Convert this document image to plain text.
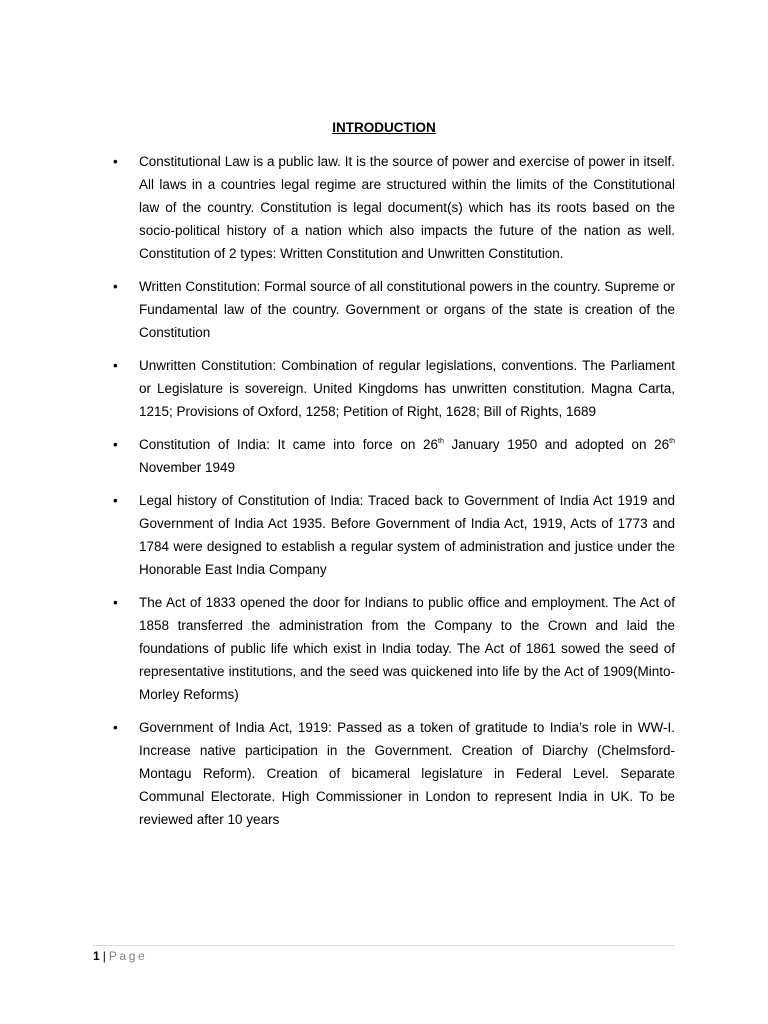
INTRODUCTION
•	Constitutional Law is a public law. It is the source of power and exercise of power in itself. All laws in a countries legal regime are structured within the limits of the Constitutional law of the country. Constitution is legal document(s) which has its roots based on the socio-political history of a nation which also impacts the future of the nation as well. Constitution of 2 types: Written Constitution and Unwritten Constitution.
•	Written Constitution: Formal source of all constitutional powers in the country. Supreme or Fundamental law of the country. Government or organs of the state is creation of the Constitution
•	Unwritten Constitution: Combination of regular legislations, conventions. The Parliament or Legislature is sovereign. United Kingdoms has unwritten constitution. Magna Carta, 1215; Provisions of Oxford, 1258; Petition of Right, 1628; Bill of Rights, 1689
•	Constitution of India: It came into force on 26th January 1950 and adopted on 26th November 1949
•	Legal history of Constitution of India: Traced back to Government of India Act 1919 and Government of India Act 1935. Before Government of India Act, 1919, Acts of 1773 and 1784 were designed to establish a regular system of administration and justice under the Honorable East India Company
•	The Act of 1833 opened the door for Indians to public office and employment. The Act of 1858 transferred the administration from the Company to the Crown and laid the foundations of public life which exist in India today. The Act of 1861 sowed the seed of representative institutions, and the seed was quickened into life by the Act of 1909(Minto-Morley Reforms)
•	Government of India Act, 1919: Passed as a token of gratitude to India’s role in WW-I. Increase native participation in the Government. Creation of Diarchy (Chelmsford-Montagu Reform). Creation of bicameral legislature in Federal Level. Separate Communal Electorate. High Commissioner in London to represent India in UK. To be reviewed after 10 years
1 | Page
